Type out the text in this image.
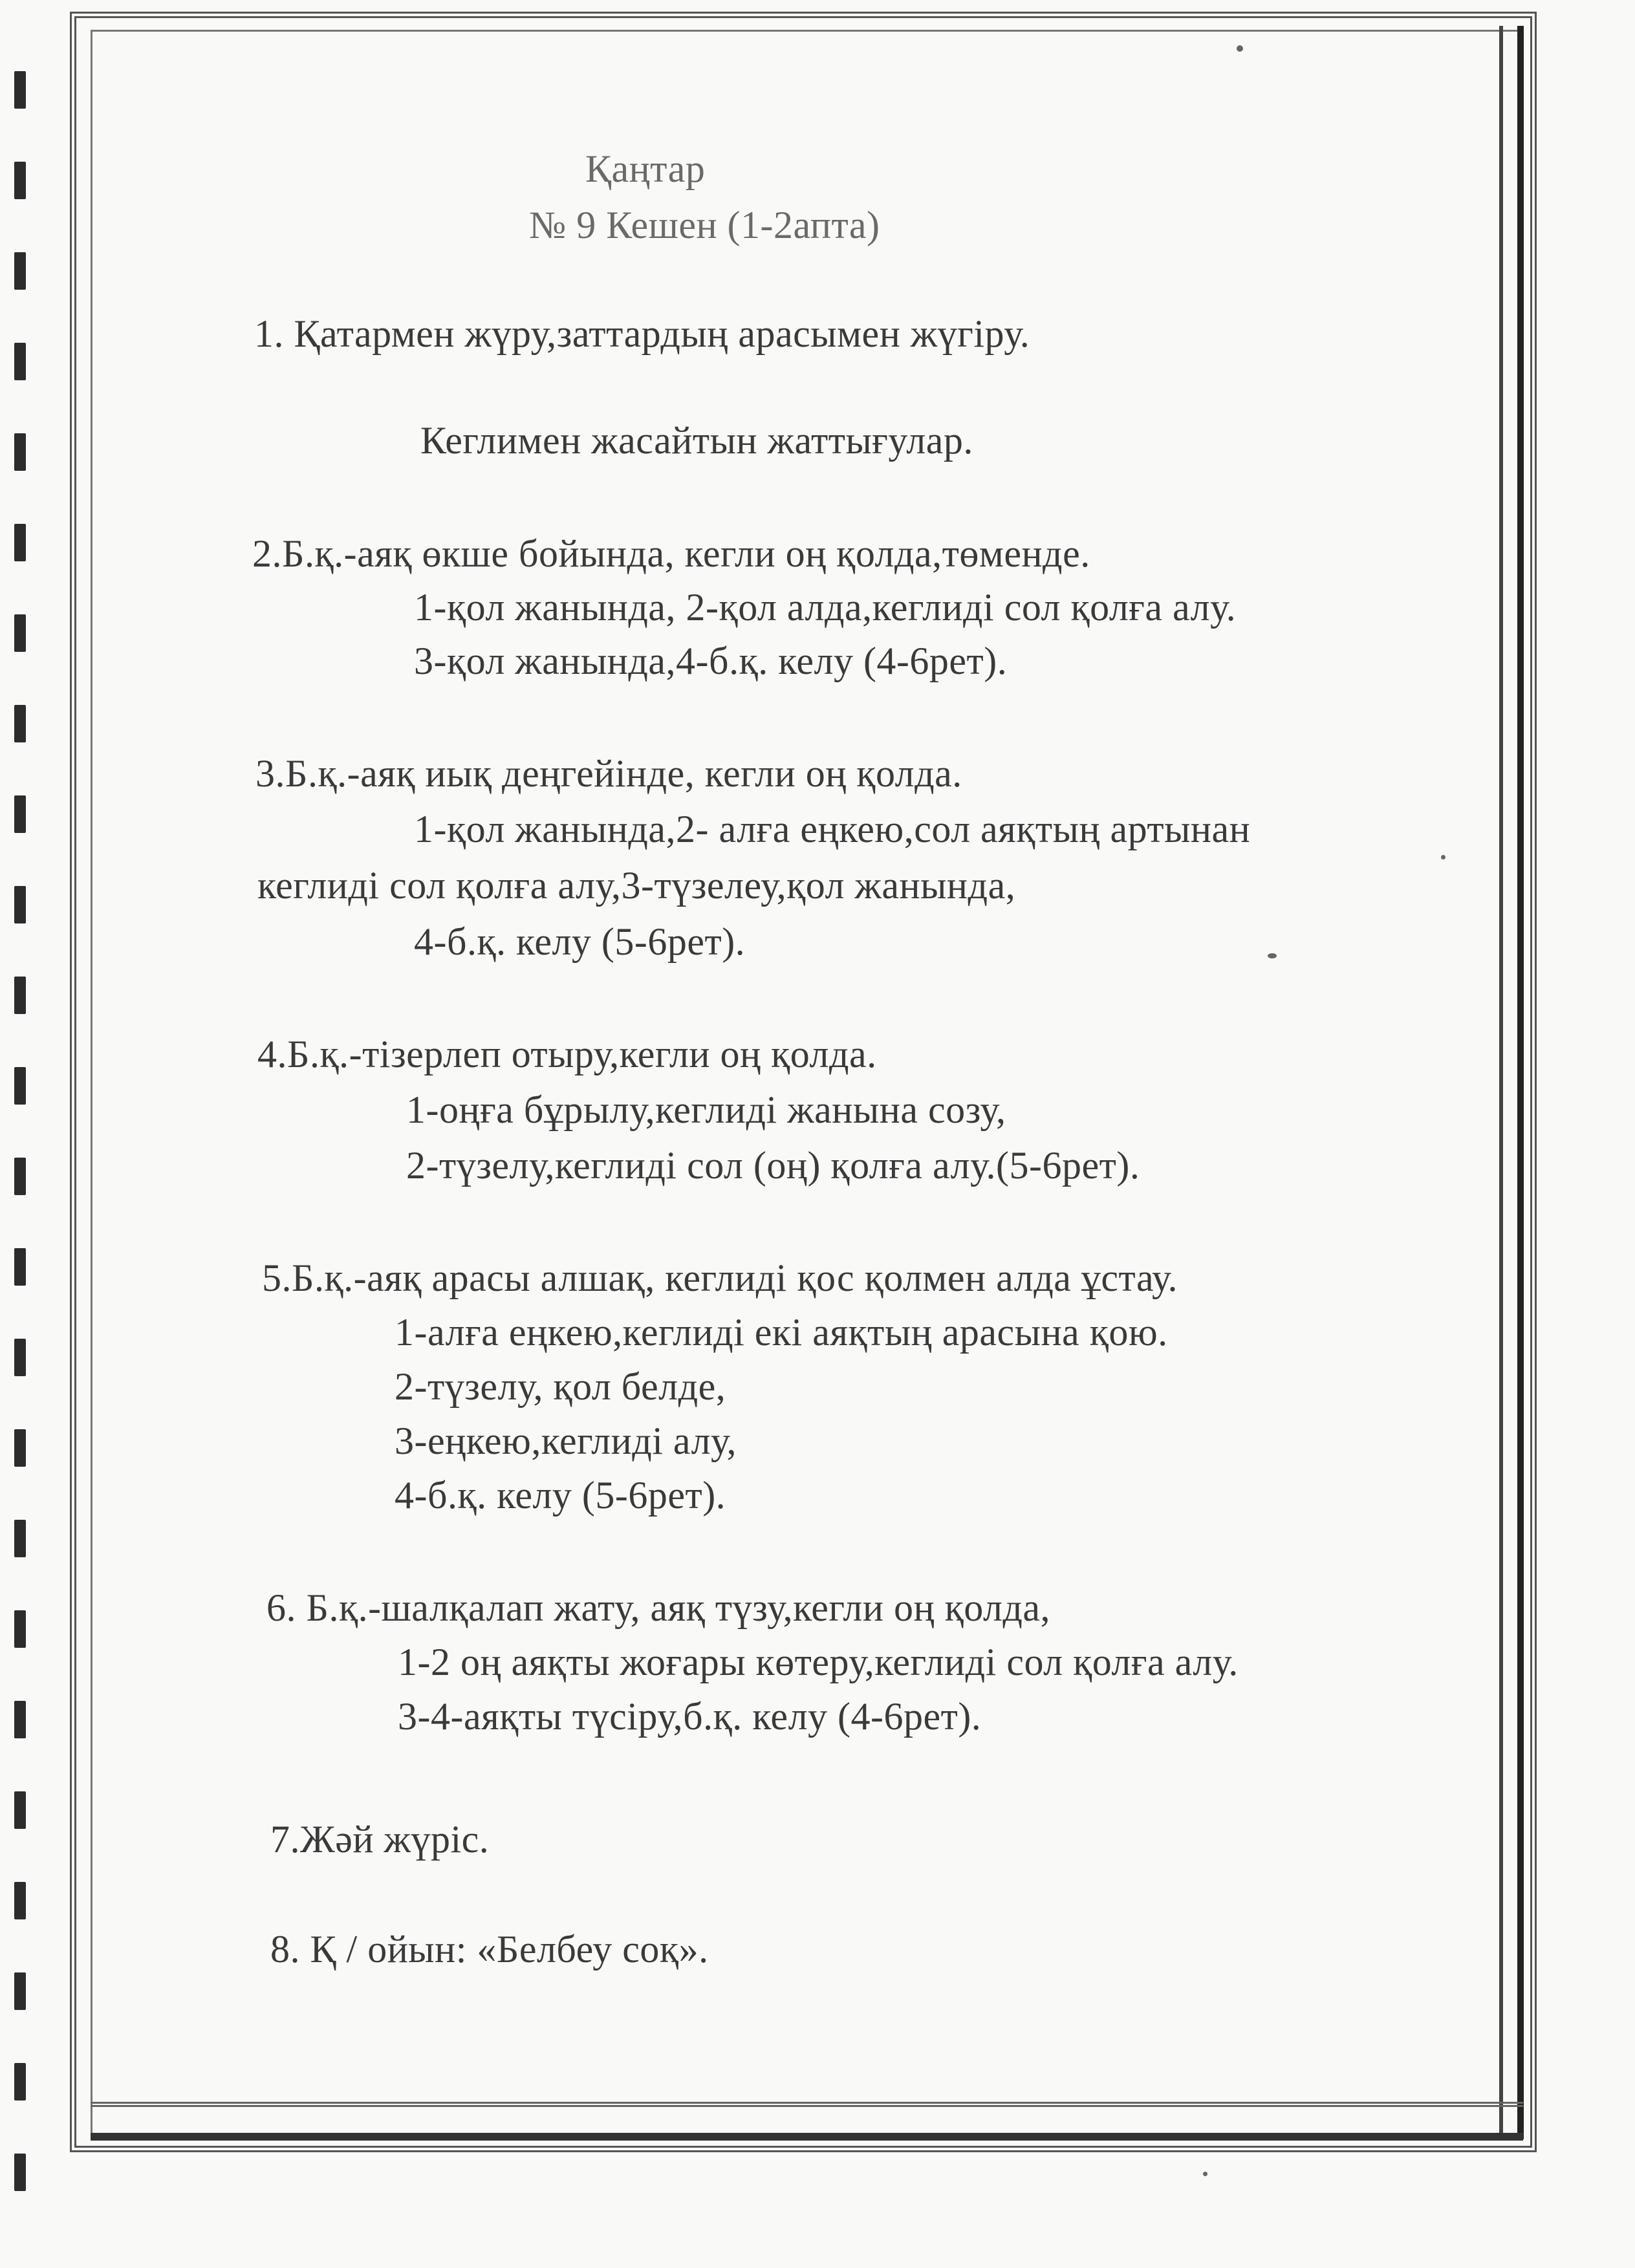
Қаңтар
№ 9 Кешен (1-2апта)
1. Қатармен жүру,заттардың арасымен жүгіру.
Кеглимен жасайтын жаттығулар.
2.Б.қ.-аяқ өкше бойында, кегли оң қолда,төменде.
1-қол жанында, 2-қол алда,кеглиді сол қолға алу.
3-қол жанында,4-б.қ. келу (4-6рет).
3.Б.қ.-аяқ иық деңгейінде, кегли оң қолда.
1-қол жанында,2- алға еңкею,сол аяқтың артынан
кеглиді сол қолға алу,3-түзелеу,қол жанында,
4-б.қ. келу (5-6рет).
4.Б.қ.-тізерлеп отыру,кегли оң қолда.
1-оңға бұрылу,кеглиді жанына созу,
2-түзелу,кеглиді сол (оң) қолға алу.(5-6рет).
5.Б.қ.-аяқ арасы алшақ, кеглиді қос қолмен алда ұстау.
1-алға еңкею,кеглиді екі аяқтың арасына қою.
2-түзелу, қол белде,
3-еңкею,кеглиді алу,
4-б.қ. келу (5-6рет).
6. Б.қ.-шалқалап жату, аяқ түзу,кегли оң қолда,
1-2 оң аяқты жоғары көтеру,кеглиді сол қолға алу.
3-4-аяқты түсіру,б.қ. келу (4-6рет).
7.Жәй жүріс.
8. Қ / ойын: «Белбеу соқ».
